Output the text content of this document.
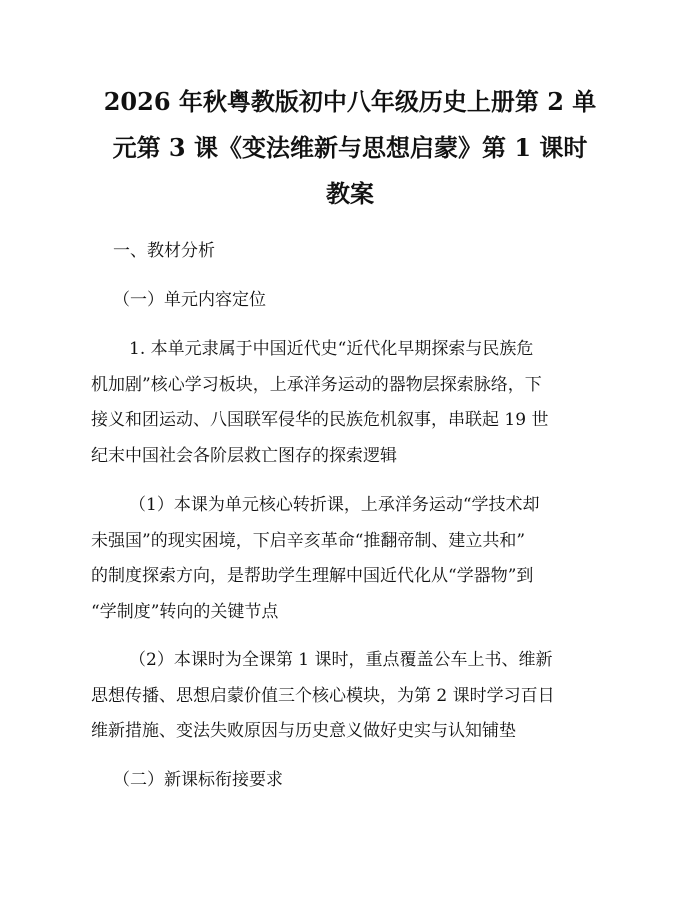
2026 年秋粤教版初中八年级历史上册第 2 单
元第 3 课《变法维新与思想启蒙》第 1 课时
教案
一、教材分析
（一）单元内容定位
1. 本单元隶属于中国近代史“近代化早期探索与民族危
机加剧”核心学习板块，上承洋务运动的器物层探索脉络，下
接义和团运动、八国联军侵华的民族危机叙事，串联起 19 世
纪末中国社会各阶层救亡图存的探索逻辑
（1）本课为单元核心转折课，上承洋务运动“学技术却
未强国”的现实困境，下启辛亥革命“推翻帝制、建立共和”
的制度探索方向，是帮助学生理解中国近代化从“学器物”到
“学制度”转向的关键节点
（2）本课时为全课第 1 课时，重点覆盖公车上书、维新
思想传播、思想启蒙价值三个核心模块，为第 2 课时学习百日
维新措施、变法失败原因与历史意义做好史实与认知铺垫
（二）新课标衔接要求
